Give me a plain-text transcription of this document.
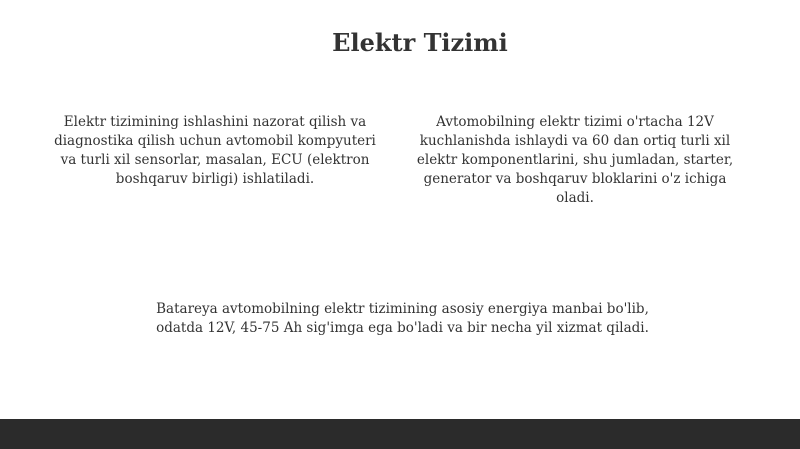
Elektr Tizimi
Elektr tizimining ishlashini nazorat qilish va diagnostika qilish uchun avtomobil kompyuteri va turli xil sensorlar, masalan, ECU (elektron boshqaruv birligi) ishlatiladi.
Avtomobilning elektr tizimi o'rtacha 12V kuchlanishda ishlaydi va 60 dan ortiq turli xil elektr komponentlarini, shu jumladan, starter, generator va boshqaruv bloklarini o'z ichiga oladi.
Batareya avtomobilning elektr tizimining asosiy energiya manbai bo'lib, odatda 12V, 45-75 Ah sig'imga ega bo'ladi va bir necha yil xizmat qiladi.
